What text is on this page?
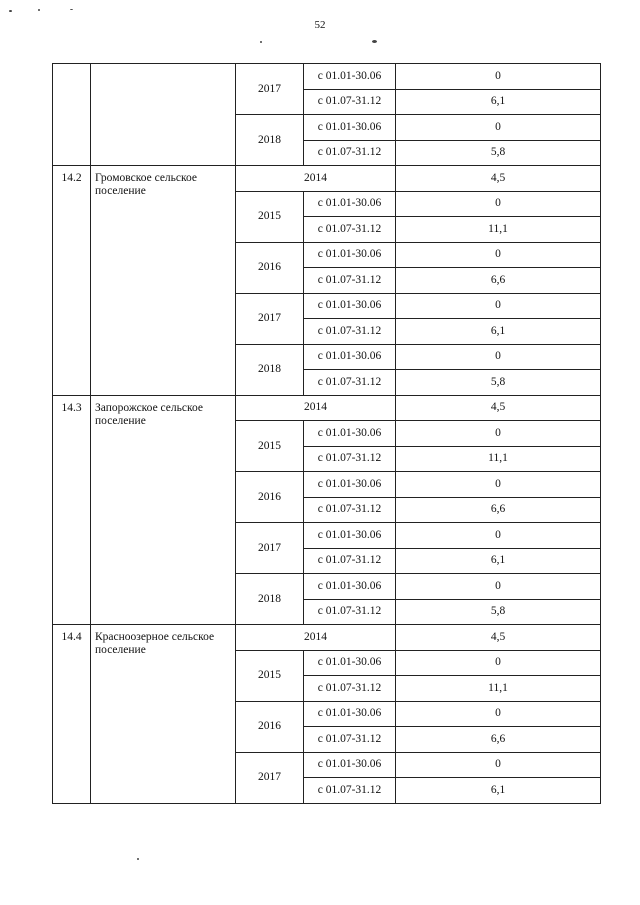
52
		2017	с 01.01-30.06	0
			с 01.07-31.12	6,1
		2018	с 01.01-30.06	0
			с 01.07-31.12	5,8
14.2	Громовское сельское поселение	2014		4,5
		2015	с 01.01-30.06	0
			с 01.07-31.12	11,1
		2016	с 01.01-30.06	0
			с 01.07-31.12	6,6
		2017	с 01.01-30.06	0
			с 01.07-31.12	6,1
		2018	с 01.01-30.06	0
			с 01.07-31.12	5,8
14.3	Запорожское сельское поселение	2014		4,5
		2015	с 01.01-30.06	0
			с 01.07-31.12	11,1
		2016	с 01.01-30.06	0
			с 01.07-31.12	6,6
		2017	с 01.01-30.06	0
			с 01.07-31.12	6,1
		2018	с 01.01-30.06	0
			с 01.07-31.12	5,8
14.4	Красноозерное сельское поселение	2014		4,5
		2015	с 01.01-30.06	0
			с 01.07-31.12	11,1
		2016	с 01.01-30.06	0
			с 01.07-31.12	6,6
		2017	с 01.01-30.06	0
			с 01.07-31.12	6,1
